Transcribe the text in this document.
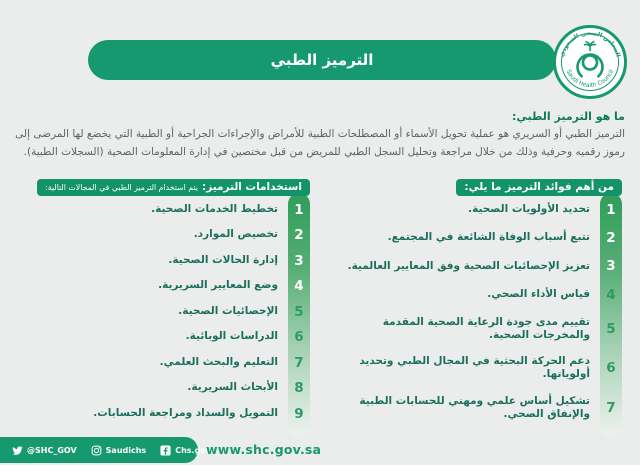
الترميز الطبي	المجلس الصحي السعودي
Saudi Health Council

ما هو الترميز الطبي:

الترميز الطبي أو السريري هو عملية تحويل الأسماء أو المصطلحات الطبية للأمراض والإجراءات الجراحية أو الطبية التي يخضع لها المرضى إلى رموز رقميه وحرفية وذلك من خلال مراجعة وتحليل السجل الطبي للمريض من قبل مختصين في إدارة المعلومات الصحية (السجلات الطبية).

من أهم فوائد الترميز ما يلي:
1
تحديد الأولويات الصحية.
2
تتبع أسباب الوفاة الشائعة في المجتمع.
3
تعزيز الإحصائيات الصحية وفق المعايير العالمية.
4
قياس الأداء الصحي.
5
تقييم مدى جودة الرعاية الصحية المقدمة والمخرجات الصحية.
6
دعم الحركة البحثية في المجال الطبي وتحديد أولوياتها.
7
تشكيل أساس علمي ومهني للحسابات الطبية والإنفاق الصحي.
استخدامات الترميز:
يتم استخدام الترميز الطبي في المجالات التالية:
1
تخطيط الخدمات الصحية.
2
تخصيص الموارد.
3
إدارة الحالات الصحية.
4
وضع المعايير السريرية.
5
الإحصائيات الصحية.
6
الدراسات الوبائية.
7
التعليم والبحث العلمي.
8
الأبحاث السريرية.
9
التمويل والسداد ومراجعة الحسابات.
@SHC_GOV	Saudichs	Chs.gov
www.shc.gov.sa
